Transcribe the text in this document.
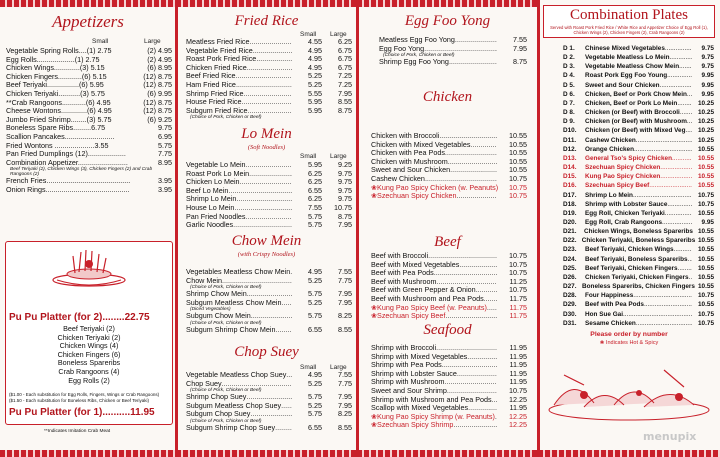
Appetizers
Small	Large
Vegetable Spring Rolls....(1) 2.75	(2) 4.95
Egg Rolls...................(1) 2.75	(2) 4.95
Chicken Wings.............(3) 5.15	(6) 8.95
Chicken Fingers............(6) 5.15	(12) 8.75
Beef Teriyaki................(6) 5.95	(12) 8.75
Chicken Teriyaki...........(3) 5.75	(6) 9.95
**Crab Rangoons............(6) 4.95	(12) 8.75
Cheese Wontons.............(6) 4.95	(12) 8.75
Jumbo Fried Shrimp........(3) 5.75	(6) 9.25
Boneless Spare Ribs.........6.75	9.75
Scallion Pancakes.........................	6.95
Fried Wontons ....................3.55	5.75
Pan Fried Dumplings (12)...................	7.75
Combination Appetizer.........................	8.95
Beef Teriyaki (2), Chicken Wings (3), Chicken Fingers (2) and Crab Rangoons (2)
French Fries..........................................	3.95
Onion Rings..........................................	3.95
Pu Pu Platter (for 2)........22.75
Beef Teriyaki (2)
Chicken Teriyaki (2)
Chicken Wings (4)
Chicken Fingers (6)
Boneless Spareribs
Crab Rangoons (4)
Egg Rolls (2)
($1.00 - Each substitution for Egg Rolls, Fingers, Wings or Crab Rangoons) ($1.50 - Each substitution for Boneless Ribs, Chicken or Beef Teriyaki)
Pu Pu Platter (for 1)..........11.95
**Indicates Imitation Crab Meat
Fried Rice
Small Large
Meatless Fried Rice .....	4.55	6.25
Vegetable Fried Rice .....	4.95	6.75
Roast Pork Fried Rice .....	4.95	6.75
Chicken Fried Rice .....	4.95	6.75
Beef Fried Rice .....	5.25	7.25
Ham Fried Rice .....	5.25	7.25
Shrimp Fried Rice .....	5.55	7.95
House Fried Rice .....	5.95	8.55
Subgum Fried Rice .....	5.95	8.75
(Choice of Pork, Chicken or Beef)
Lo Mein
(Soft Noodles)
Small Large
Vegetable Lo Mein .....	5.95	9.25
Roast Pork Lo Mein .....	6.25	9.75
Chicken Lo Mein .....	6.25	9.75
Beef Lo Mein .....	6.55	9.75
Shrimp Lo Mein .....	6.25	9.75
House Lo Mein .....	7.55	10.75
Pan Fried Noodles .....	5.75	8.75
Garlic Noodles .....	5.75	7.95
Chow Mein
(with Crispy Noodles)
Vegetables Meatless Chow Mein .....	4.95	7.55
Chow Mein .....	5.25	7.75
(Choice of Pork, Chicken or Beef)
Shrimp Chow Mein .....	5.75	7.95
Subgum Meatless Chow Mein .....	5.25	7.95
(Diced Vegetables)
Subgum Chow Mein .....	5.75	8.25
(Choice of Pork, Chicken or Beef)
Subgum Shrimp Chow Mein .....	6.55	8.55
Chop Suey
Small Large
Vegetable Meatless Chop Suey .....	4.95	7.55
Chop Suey .....	5.25	7.75
(Choice of Pork, Chicken or Beef)
Shrimp Chop Suey .....	5.75	7.95
Subgum Meatless Chop Suey .....	5.25	7.95
Subgum Chop Suey .....	5.75	8.25
(Choice of Pork, Chicken or Beef)
Subgum Shrimp Chop Suey .....	6.55	8.55
Egg Foo Yong
Meatless Egg Foo Yong .....	7.55
Egg Foo Yong .....	7.95
(Choice of Pork, Chicken or Beef)
Shrimp Egg Foo Yong .....	8.75
Chicken
Chicken with Broccoli .....	10.55
Chicken with Mixed Vegetables .....	10.55
Chicken with Pea Pods .....	10.55
Chicken with Mushroom .....	10.55
Sweet and Sour Chicken .....	10.55
Cashew Chicken .....	10.75
❀ Kung Pao Spicy Chicken (w. Peanuts)	10.75
❀ Szechuan Spicy Chicken .....	10.75
Beef
Beef with Broccoli .....	10.75
Beef with Mixed Vegetables .....	10.75
Beef with Pea Pods .....	10.75
Beef with Mushroom .....	11.25
Beef with Green Pepper & Onion .....	10.75
Beef with Mushroom and Pea Pods .....	11.75
❀ Kung Pao Spicy Beef (w. Peanuts) .....	11.75
❀ Szechuan Spicy Beef .....	11.75
Seafood
Shrimp with Broccoli .....	11.95
Shrimp with Mixed Vegetables .....	11.95
Shrimp with Pea Pods .....	11.95
Shrimp with Lobster Sauce .....	11.95
Shrimp with Mushroom .....	11.95
Sweet and Sour Shrimp .....	10.75
Shrimp with Mushroom and Pea Pods .....	12.25
Scallop with Mixed Vegetables .....	11.95
❀ Kung Pao Spicy Shrimp (w. Peanuts) .....	12.25
❀ Szechuan Spicy Shrimp .....	12.25
Combination Plates
Served with Roast Pork Fried Rice / White Rice and Appetizer Choice of Egg Roll (1), Chicken Wings (2), Chicken Fingers (2), Crab Rangoons (2)
D 1.	Chinese Mixed Vegetables .....	9.75
D 2.	Vegetable Meatless Lo Mein .....	9.75
D 3.	Vegetable Meatless Chow Mein .....	9.75
D 4.	Roast Pork Egg Foo Young .....	9.95
D 5.	Sweet and Sour Chicken .....	9.95
D 6.	Chicken, Beef or Pork Chow Mein .....	9.95
D 7.	Chicken, Beef or Pork Lo Mein .....	10.25
D 8.	Chicken (or Beef) with Broccoli .....	10.25
D 9.	Chicken (or Beef) with Mushroom .....	10.25
D10.	Chicken (or Beef) with Mixed Veg .....	10.25
D11.	Cashew Chicken .....	10.25
D12.	Orange Chicken .....	10.55
D13.	General Tso's Spicy Chicken .....	10.55
D14.	Szechuan Spicy Chicken .....	10.55
D15.	Kung Pao Spicy Chicken .....	10.55
D16.	Szechuan Spicy Beef .....	10.55
D17.	Shrimp Lo Mein .....	10.75
D18.	Shrimp with Lobster Sauce .....	10.75
D19.	Egg Roll, Chicken Teriyaki .....	10.55
D20.	Egg Roll, Crab Rangoons .....	9.95
D21.	Chicken Wings, Boneless Spareribs 10.55
D22. Chicken Teriyaki, Boneless Spareribs 10.55
D23.	Beef Teriyaki, Chicken Wings .....	10.55
D24.	Beef Teriyaki, Boneless Spareribs .....	10.55
D25.	Beef Teriyaki, Chicken Fingers .....	10.55
D26.	Chicken Teriyaki, Chicken Fingers .....	10.55
D27. Boneless Spareribs, Chicken Fingers 10.55
D28.	Four Happiness .....	10.75
D29.	Beef with Pea Pods .....	10.55
D30.	Hon Sue Gai .....	10.75
D31.	Sesame Chicken .....	10.75
Please order by number
❀ Indicates Hot & Spicy
menupix
